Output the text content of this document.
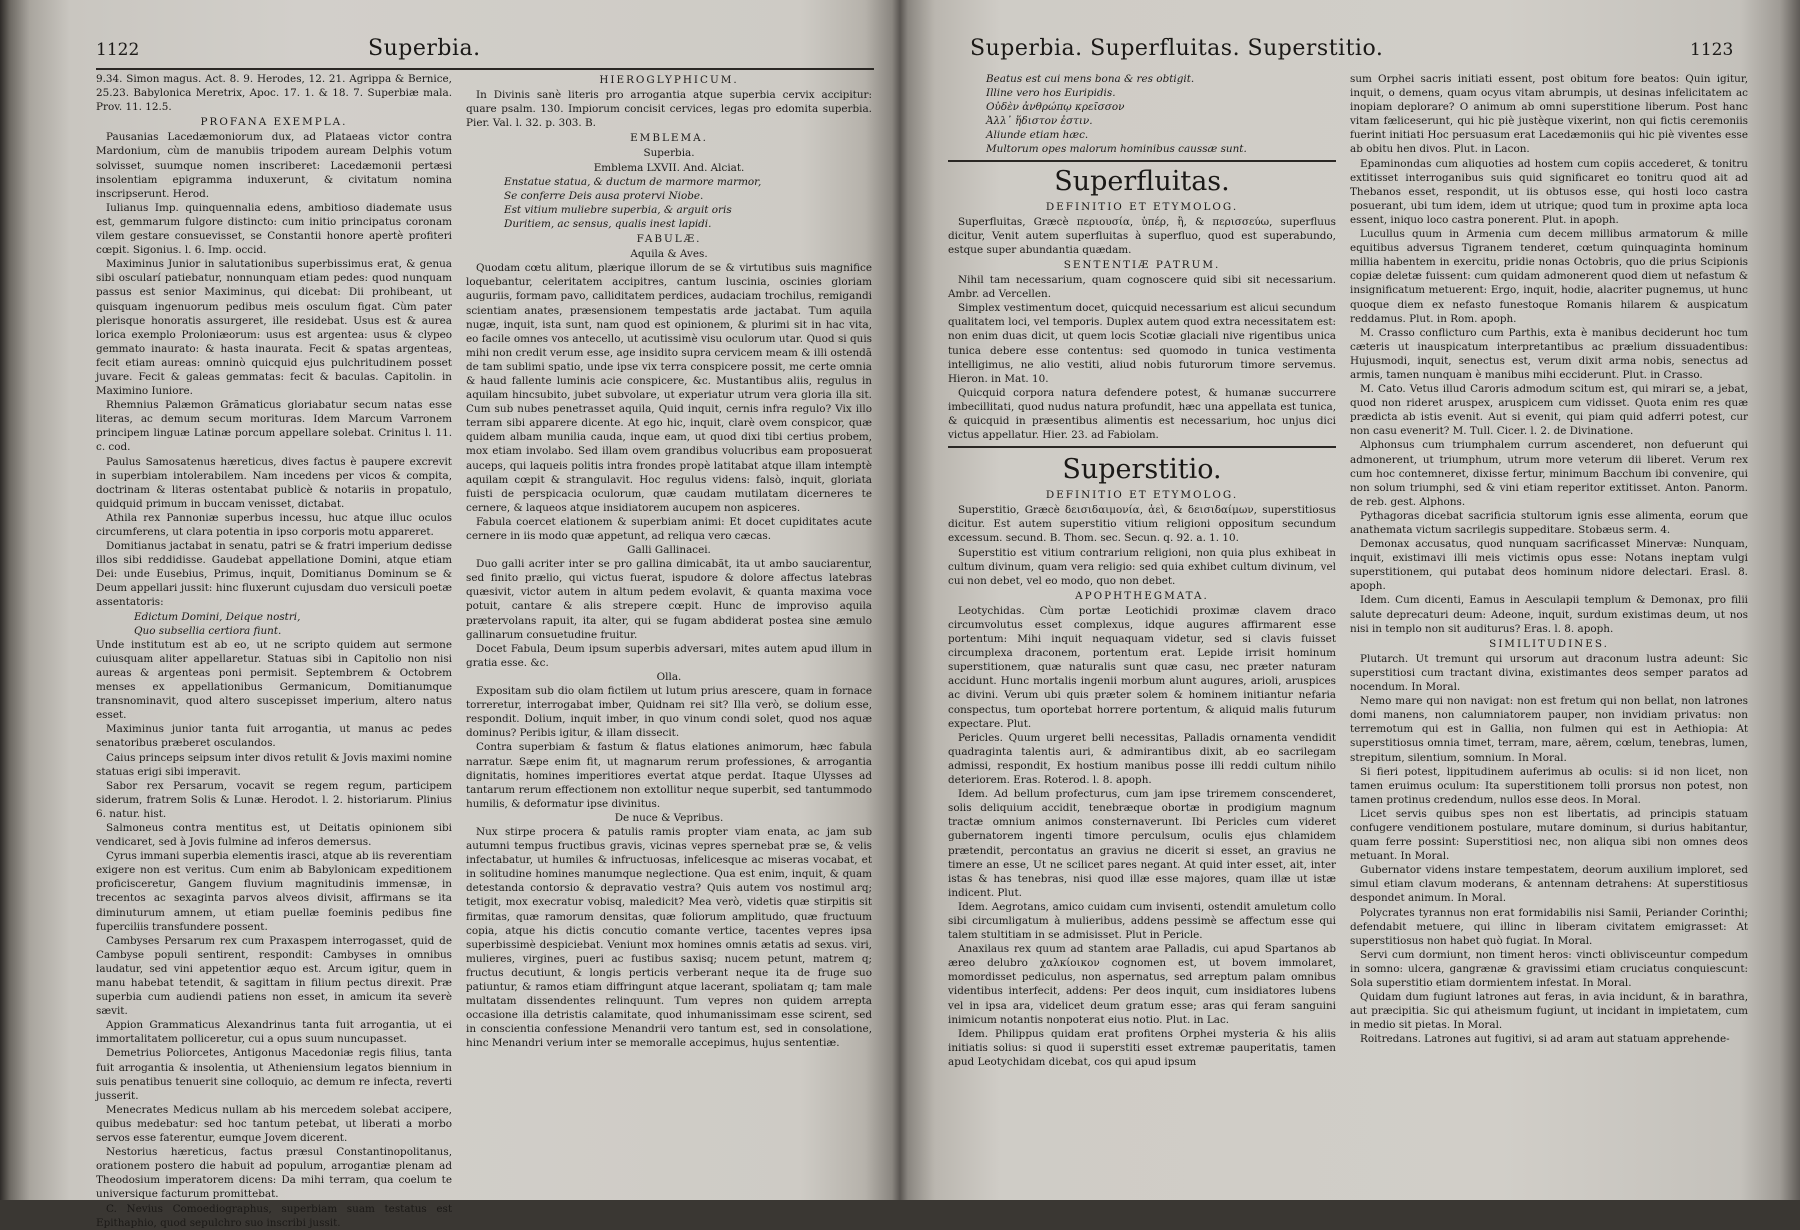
1122	Superbia.

9.34. Simon magus. Act. 8. 9. Herodes, 12. 21. Agrippa & Bernice, 25.23. Babylonica Meretrix, Apoc. 17. 1. & 18. 7. Superbiæ mala. Prov. 11. 12.5.

PROFANA EXEMPLA.

Pausanias Lacedæmoniorum dux, ad Plataeas victor contra Mardonium, cùm de manubiis tripodem auream Delphis votum solvisset, suumque nomen inscriberet: Lacedæmonii pertæsi insolentiam epigramma induxerunt, & civitatum nomina inscripserunt. Herod.

Iulianus Imp. quinquennalia edens, ambitioso diademate usus est, gemmarum fulgore distincto: cum initio principatus coronam vilem gestare consuevisset, se Constantii honore apertè profiteri cœpit. Sigonius. l. 6. Imp. occid.

Maximinus Junior in salutationibus superbissimus erat, & genua sibi oscularí patiebatur, nonnunquam etiam pedes: quod nunquam passus est senior Maximinus, qui dicebat: Dii prohibeant, ut quisquam ingenuorum pedibus meis osculum figat. Cùm pater plerisque honoratis assurgeret, ille residebat. Usus est & aurea lorica exemplo Proloniæorum: usus est argentea: usus & clypeo gemmato inaurato: & hasta inaurata. Fecit & spatas argenteas, fecit etiam aureas: omninò quicquid ejus pulchritudinem posset juvare. Fecit & galeas gemmatas: fecit & baculas. Capitolin. in Maximino Iuniore.

Rhemnius Palæmon Grãmaticus gloriabatur secum natas esse literas, ac demum secum morituras. Idem Marcum Varronem principem linguæ Latinæ porcum appellare solebat. Crinitus l. 11. c. cod.

Paulus Samosatenus hæreticus, dives factus è paupere excrevit in superbiam intolerabilem. Nam incedens per vicos & compita, doctrinam & literas ostentabat publicè & notariis in propatulo, quidquid primum in buccam venisset, dictabat.

Athila rex Pannoniæ superbus incessu, huc atque illuc oculos circumferens, ut clara potentia in ipso corporis motu appareret.

Domitianus jactabat in senatu, patri se & fratri imperium dedisse illos sibi reddidisse. Gaudebat appellatione Domini, atque etiam Dei: unde Eusebius, Primus, inquit, Domitianus Dominum se & Deum appellari jussit: hinc fluxerunt cujusdam duo versiculi poetæ assentatoris:

Edictum Domini, Deique nostri,

Quo subsellia certiora fiunt.

Unde institutum est ab eo, ut ne scripto quidem aut sermone cuiusquam aliter appellaretur. Statuas sibi in Capitolio non nisi aureas & argenteas poni permisit. Septembrem & Octobrem menses ex appellationibus Germanicum, Domitianumque transnominavit, quod altero suscepisset imperium, altero natus esset.

Maximinus junior tanta fuit arrogantia, ut manus ac pedes senatoribus præberet osculandos.

Caius princeps seipsum inter divos retulit & Jovis maximi nomine statuas erigi sibi imperavit.

Sabor rex Persarum, vocavit se regem regum, participem siderum, fratrem Solis & Lunæ. Herodot. l. 2. historiarum. Plinius 6. natur. hist.

Salmoneus contra mentitus est, ut Deitatis opinionem sibi vendicaret, sed à Jovis fulmine ad inferos demersus.

Cyrus immani superbia elementis irasci, atque ab iis reverentiam exigere non est veritus. Cum enim ab Babylonicam expeditionem proficisceretur, Gangem fluvium magnitudinis immensæ, in trecentos ac sexaginta parvos alveos divisit, affirmans se ita diminuturum amnem, ut etiam puellæ foeminis pedibus fine fuperciliis transfundere possent.

Cambyses Persarum rex cum Praxaspem interrogasset, quid de Cambyse populi sentirent, respondit: Cambyses in omnibus laudatur, sed vini appetentior æquo est. Arcum igitur, quem in manu habebat tetendit, & sagittam in filium pectus direxit. Præ superbia cum audiendi patiens non esset, in amicum ita severè sævit.

Appion Grammaticus Alexandrinus tanta fuit arrogantia, ut ei immortalitatem polliceretur, cui a opus suum nuncupasset.

Demetrius Poliorcetes, Antigonus Macedoniæ regis filius, tanta fuit arrogantia & insolentia, ut Atheniensium legatos biennium in suis penatibus tenuerit sine colloquio, ac demum re infecta, reverti jusserit.

Menecrates Medicus nullam ab his mercedem solebat accipere, quibus medebatur: sed hoc tantum petebat, ut liberati a morbo servos esse faterentur, eumque Jovem dicerent.

Nestorius hæreticus, factus præsul Constantinopolitanus, orationem postero die habuit ad populum, arrogantiæ plenam ad Theodosium imperatorem dicens: Da mihi terram, qua coelum te universique facturum promittebat.

C. Nevius Comoediographus, superbiam suam testatus est Epithaphio, quod sepulchro suo inscribi jussit.

HIEROGLYPHICUM.

In Divinis sanè literis pro arrogantia atque superbia cervix accipitur: quare psalm. 130. Impiorum concisit cervices, legas pro edomita superbia. Pier. Val. l. 32. p. 303. B.

EMBLEMA.

Superbia.

Emblema LXVII. And. Alciat.

Enstatue statua, & ductum de marmore marmor,

Se conferre Deis ausa protervi Niobe.

Est vitium muliebre superbia, & arguit oris

Duritiem, ac sensus, qualis inest lapidi.

FABULÆ.

Aquila & Aves.

Quodam cœtu alitum, plærique illorum de se & virtutibus suis magnifice loquebantur, celeritatem accipitres, cantum luscinia, oscinies gloriam auguriis, formam pavo, calliditatem perdices, audaciam trochilus, remigandi scientiam anates, præsensionem tempestatis arde jactabat. Tum aquila nugæ, inquit, ista sunt, nam quod est opinionem, & plurimi sit in hac vita, eo facile omnes vos antecello, ut acutissimè visu oculorum utar. Quod si quis mihi non credit verum esse, age insidito supra cervicem meam & illi ostendã de tam sublimi spatio, unde ipse vix terra conspicere possit, me certe omnia & haud fallente luminis acie conspicere, &c. Mustantibus aliis, regulus in aquilam hincsubito, jubet subvolare, ut experiatur utrum vera gloria illa sit. Cum sub nubes penetrasset aquila, Quid inquit, cernis infra regulo? Vix illo terram sibi apparere dicente. At ego hic, inquit, clarè ovem conspicor, quæ quidem albam munilia cauda, inque eam, ut quod dixi tibi certius probem, mox etiam involabo. Sed illam ovem grandibus volucribus eam proposuerat auceps, qui laqueis politis intra frondes propè latitabat atque illam intemptè aquilam cœpit & strangulavit. Hoc regulus videns: falsò, inquit, gloriata fuisti de perspicacia oculorum, quæ caudam mutilatam dicerneres te cernere, & laqueos atque insidiatorem aucupem non aspiceres.

Fabula coercet elationem & superbiam animi: Et docet cupiditates acute cernere in iis modo quæ appetunt, ad reliqua vero cæcas.

Galli Gallinacei.

Duo galli acriter inter se pro gallina dimicabãt, ita ut ambo sauciarentur, sed finito prælio, qui victus fuerat, ispudore & dolore affectus latebras quæsivit, victor autem in altum pedem evolavit, & quanta maxima voce potuit, cantare & alis strepere cœpit. Hunc de improviso aquila prætervolans rapuit, ita alter, qui se fugam abdiderat postea sine æmulo gallinarum consuetudine fruitur.

Docet Fabula, Deum ipsum superbis adversari, mites autem apud illum in gratia esse. &c.

Olla.

Expositam sub dio olam fictilem ut lutum prius arescere, quam in fornace torreretur, interrogabat imber, Quidnam rei sit? Illa verò, se dolium esse, respondit. Dolium, inquit imber, in quo vinum condi solet, quod nos aquæ dominus? Peribis igitur, & illam dissecit.

Contra superbiam & fastum & flatus elationes animorum, hæc fabula narratur. Sæpe enim fit, ut magnarum rerum professiones, & arrogantia dignitatis, homines imperitiores evertat atque perdat. Itaque Ulysses ad tantarum rerum effectionem non extollitur neque superbit, sed tantummodo humilis, & deformatur ipse divinitus.

De nuce & Vepribus.

Nux stirpe procera & patulis ramis propter viam enata, ac jam sub autumni tempus fructibus gravis, vicinas vepres spernebat præ se, & velis infectabatur, ut humiles & infructuosas, infelicesque ac miseras vocabat, et in solitudine homines manumque neglectione. Qua est enim, inquit, & quam detestanda contorsio & depravatio vestra? Quis autem vos nostimul arq; tetigit, mox execratur vobisq, maledicit? Mea verò, videtis quæ stirpitis sit firmitas, quæ ramorum densitas, quæ foliorum amplitudo, quæ fructuum copia, atque his dictis concutio comante vertice, tacentes vepres ipsa superbissimè despiciebat. Veniunt mox homines omnis ætatis ad sexus. viri, mulieres, virgines, pueri ac fustibus saxisq; nucem petunt, matrem q; fructus decutiunt, & longis perticis verberant neque ita de fruge suo patiuntur, & ramos etiam diffringunt atque lacerant, spoliatam q; tam male multatam dissendentes relinquunt. Tum vepres non quidem arrepta occasione illa detristis calamitate, quod inhumanissimam esse scirent, sed in conscientia confessione Menandrii vero tantum est, sed in consolatione, hinc Menandri verium inter se memoralle accepimus, hujus sententiæ.

Superbia. Superfluitas. Superstitio.	1123

Beatus est cui mens bona & res obtigit.

Illine vero hos Euripidis.

Οὐδὲν ἀνθρώπῳ κρεῖσσον

Ἀλλ᾽ ἥδιστον ἐστιν.

Aliunde etiam hæc.

Multorum opes malorum hominibus caussæ sunt.

Superfluitas.

DEFINITIO ET ETYMOLOG.

Superfluitas, Græcè περιουσία, ὑπέρ, ἢ, & περισσεύω, superfluus dicitur, Venit autem superfluitas à superfluo, quod est superabundo, estque super abundantia quædam.

SENTENTIÆ PATRUM.

Nihil tam necessarium, quam cognoscere quid sibi sit necessarium. Ambr. ad Vercellen.

Simplex vestimentum docet, quicquid necessarium est alicui secundum qualitatem loci, vel temporis. Duplex autem quod extra necessitatem est: non enim duas dicit, ut quem locis Scotiæ glaciali nive rigentibus unica tunica debere esse contentus: sed quomodo in tunica vestimenta intelligimus, ne alio vestiti, aliud nobis futurorum timore servemus. Hieron. in Mat. 10.

Quicquid corpora natura defendere potest, & humanæ succurrere imbecillitati, quod nudus natura profundit, hæc una appellata est tunica, & quicquid in præsentibus alimentis est necessarium, hoc unjus dici victus appellatur. Hier. 23. ad Fabiolam.

Superstitio.

DEFINITIO ET ETYMOLOG.

Superstitio, Græcè δεισιδαιμονία, ἀεὶ, & δεισιδαίμων, superstitiosus dicitur. Est autem superstitio vitium religioni oppositum secundum excessum. secund. B. Thom. sec. Secun. q. 92. a. 1. 10.

Superstitio est vitium contrarium religioni, non quia plus exhibeat in cultum divinum, quam vera religio: sed quia exhibet cultum divinum, vel cui non debet, vel eo modo, quo non debet.

APOPHTHEGMATA.

Leotychidas. Cùm portæ Leotichidi proximæ clavem draco circumvolutus esset complexus, idque augures affirmarent esse portentum: Mihi inquit nequaquam videtur, sed si clavis fuisset circumplexa draconem, portentum erat. Lepide irrisit hominum superstitionem, quæ naturalis sunt quæ casu, nec præter naturam accidunt. Hunc mortalis ingenii morbum alunt augures, arioli, aruspices ac divini. Verum ubi quis præter solem & hominem initiantur nefaria conspectus, tum oportebat horrere portentum, & aliquid malis futurum expectare. Plut.

Pericles. Quum urgeret belli necessitas, Palladis ornamenta vendidit quadraginta talentis auri, & admirantibus dixit, ab eo sacrilegam admissi, respondit, Ex hostium manibus posse illi reddi cultum nihilo deteriorem. Eras. Roterod. l. 8. apoph.

Idem. Ad bellum profecturus, cum jam ipse triremem conscenderet, solis deliquium accidit, tenebræque obortæ in prodigium magnum tractæ omnium animos consternaverunt. Ibi Pericles cum videret gubernatorem ingenti timore perculsum, oculis ejus chlamidem prætendit, percontatus an gravius ne dicerit si esset, an gravius ne timere an esse, Ut ne scilicet pares negant. At quid inter esset, ait, inter istas & has tenebras, nisi quod illæ esse majores, quam illæ ut istæ indicent. Plut.

Idem. Aegrotans, amico cuidam cum invisenti, ostendit amuletum collo sibi circumligatum à mulieribus, addens pessimè se affectum esse qui talem stultitiam in se admisisset. Plut in Pericle.

Anaxilaus rex quum ad stantem arae Palladis, cui apud Spartanos ab æreo delubro χαλκίοικον cognomen est, ut bovem immolaret, momordisset pediculus, non aspernatus, sed arreptum palam omnibus videntibus interfecit, addens: Per deos inquit, cum insidiatores lubens vel in ipsa ara, videlicet deum gratum esse; aras qui feram sanguini inimicum notantis nonpoterat eius notio. Plut. in Lac.

Idem. Philippus quidam erat profitens Orphei mysteria & his aliis initiatis solius: si quod ii superstiti esset extremæ pauperitatis, tamen apud Leotychidam dicebat, cos qui apud ipsum

sum Orphei sacris initiati essent, post obitum fore beatos: Quin igitur, inquit, o demens, quam ocyus vitam abrumpis, ut desinas infelicitatem ac inopiam deplorare? O animum ab omni superstitione liberum. Post hanc vitam fæliceserunt, qui hic piè justèque vixerint, non qui fictis ceremoniis fuerint initiati Hoc persuasum erat Lacedæmoniis qui hic piè viventes esse ab obitu hen divos. Plut. in Lacon.

Epaminondas cum aliquoties ad hostem cum copiis accederet, & tonitru extitisset interroganibus suis quid significaret eo tonitru quod ait ad Thebanos esset, respondit, ut iis obtusos esse, qui hosti loco castra posuerant, ubi tum idem, idem ut utrique; quod tum in proxime apta loca essent, iniquo loco castra ponerent. Plut. in apoph.

Lucullus quum in Armenia cum decem millibus armatorum & mille equitibus adversus Tigranem tenderet, cœtum quinquaginta hominum millia habentem in exercitu, pridie nonas Octobris, quo die prius Scipionis copiæ deletæ fuissent: cum quidam admonerent quod diem ut nefastum & insignificatum metuerent: Ergo, inquit, hodie, alacriter pugnemus, ut hunc quoque diem ex nefasto funestoque Romanis hilarem & auspicatum reddamus. Plut. in Rom. apoph.

M. Crasso conflicturo cum Parthis, exta è manibus deciderunt hoc tum cæteris ut inauspicatum interpretantibus ac prælium dissuadentibus: Hujusmodi, inquit, senectus est, verum dixit arma nobis, senectus ad armis, tamen nunquam è manibus mihi ecciderunt. Plut. in Crasso.

M. Cato. Vetus illud Caroris admodum scitum est, qui mirari se, a jebat, quod non rideret aruspex, aruspicem cum vidisset. Quota enim res quæ prædicta ab istis evenit. Aut si evenit, qui piam quid adferri potest, cur non casu evenerit? M. Tull. Cicer. l. 2. de Divinatione.

Alphonsus cum triumphalem currum ascenderet, non defuerunt qui admonerent, ut triumphum, utrum more veterum dii liberet. Verum rex cum hoc contemneret, dixisse fertur, minimum Bacchum ibi convenire, qui non solum triumphi, sed & vini etiam reperitor extitisset. Anton. Panorm. de reb. gest. Alphons.

Pythagoras dicebat sacrificia stultorum ignis esse alimenta, eorum que anathemata victum sacrilegis suppeditare. Stobæus serm. 4.

Demonax accusatus, quod nunquam sacrificasset Minervæ: Nunquam, inquit, existimavi illi meis victimis opus esse: Notans ineptam vulgi superstitionem, qui putabat deos hominum nidore delectari. Erasl. 8. apoph.

Idem. Cum dicenti, Eamus in Aesculapii templum & Demonax, pro filii salute deprecaturi deum: Adeone, inquit, surdum existimas deum, ut nos nisi in templo non sit auditurus? Eras. l. 8. apoph.

SIMILITUDINES.

Plutarch. Ut tremunt qui ursorum aut draconum lustra adeunt: Sic superstitiosi cum tractant divina, existimantes deos semper paratos ad nocendum. In Moral.

Nemo mare qui non navigat: non est fretum qui non bellat, non latrones domi manens, non calumniatorem pauper, non invidiam privatus: non terremotum qui est in Gallia, non fulmen qui est in Aethiopia: At superstitiosus omnia timet, terram, mare, aërem, cœlum, tenebras, lumen, strepitum, silentium, somnium. In Moral.

Si fieri potest, lippitudinem auferimus ab oculis: si id non licet, non tamen eruimus oculum: Ita superstitionem tolli prorsus non potest, non tamen protinus credendum, nullos esse deos. In Moral.

Licet servis quibus spes non est libertatis, ad principis statuam confugere venditionem postulare, mutare dominum, si durius habitantur, quam ferre possint: Superstitiosi nec, non aliqua sibi non omnes deos metuant. In Moral.

Gubernator videns instare tempestatem, deorum auxilium imploret, sed simul etiam clavum moderans, & antennam detrahens: At superstitiosus despondet animum. In Moral.

Polycrates tyrannus non erat formidabilis nisi Samii, Periander Corinthi; defendabit metuere, qui illinc in liberam civitatem emigrasset: At superstitiosus non habet quò fugiat. In Moral.

Servi cum dormiunt, non timent heros: vincti oblivisceuntur compedum in somno: ulcera, gangrænæ & gravissimi etiam cruciatus conquiescunt: Sola superstitio etiam dormientem infestat. In Moral.

Quidam dum fugiunt latrones aut feras, in avia incidunt, & in barathra, aut præcipitia. Sic qui atheismum fugiunt, ut incidant in impietatem, cum in medio sit pietas. In Moral.

Roitredans. Latrones aut fugitivi, si ad aram aut statuam apprehende-
